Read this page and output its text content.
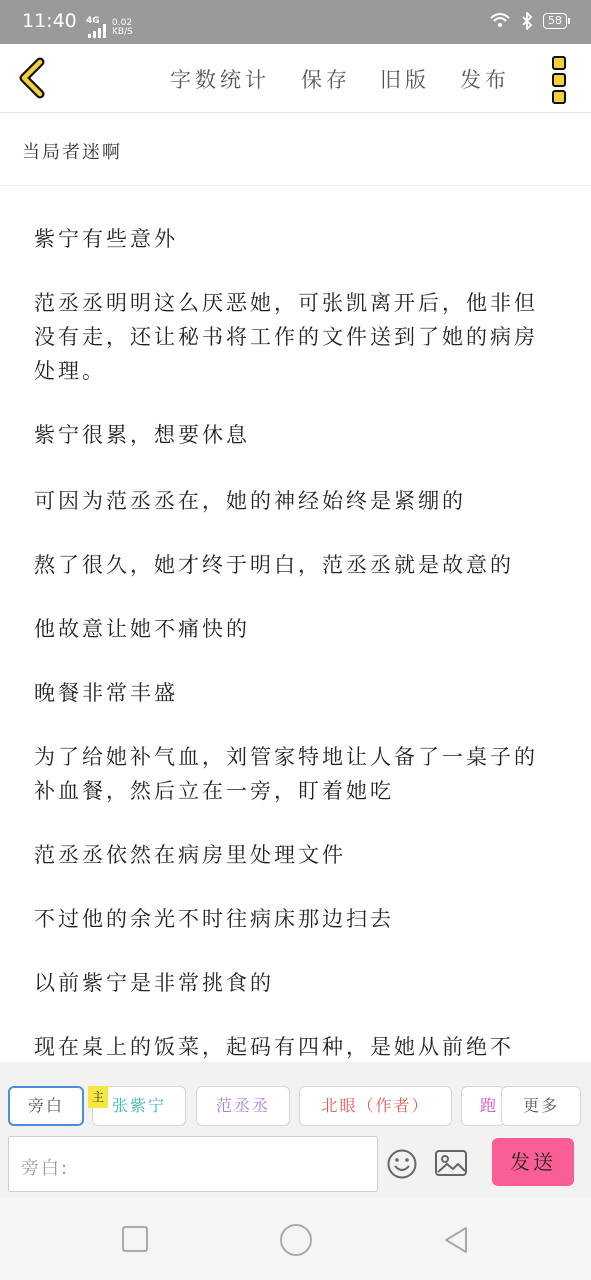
11:40 4G 0.02
KB/S
58
字数统计 保存 旧版 发布
当局者迷啊
紫宁有些意外
范丞丞明明这么厌恶她，可张凯离开后，他非但没有走，还让秘书将工作的文件送到了她的病房处理。
紫宁很累，想要休息
可因为范丞丞在，她的神经始终是紧绷的
熬了很久，她才终于明白，范丞丞就是故意的
他故意让她不痛快的
晚餐非常丰盛
为了给她补气血，刘管家特地让人备了一桌子的补血餐，然后立在一旁，盯着她吃
范丞丞依然在病房里处理文件
不过他的余光不时往病床那边扫去
以前紫宁是非常挑食的
现在桌上的饭菜，起码有四种，是她从前绝不
旁白	张紫宁	范丞丞	北眼（作者）	跑	更多
主
旁白:	发送
